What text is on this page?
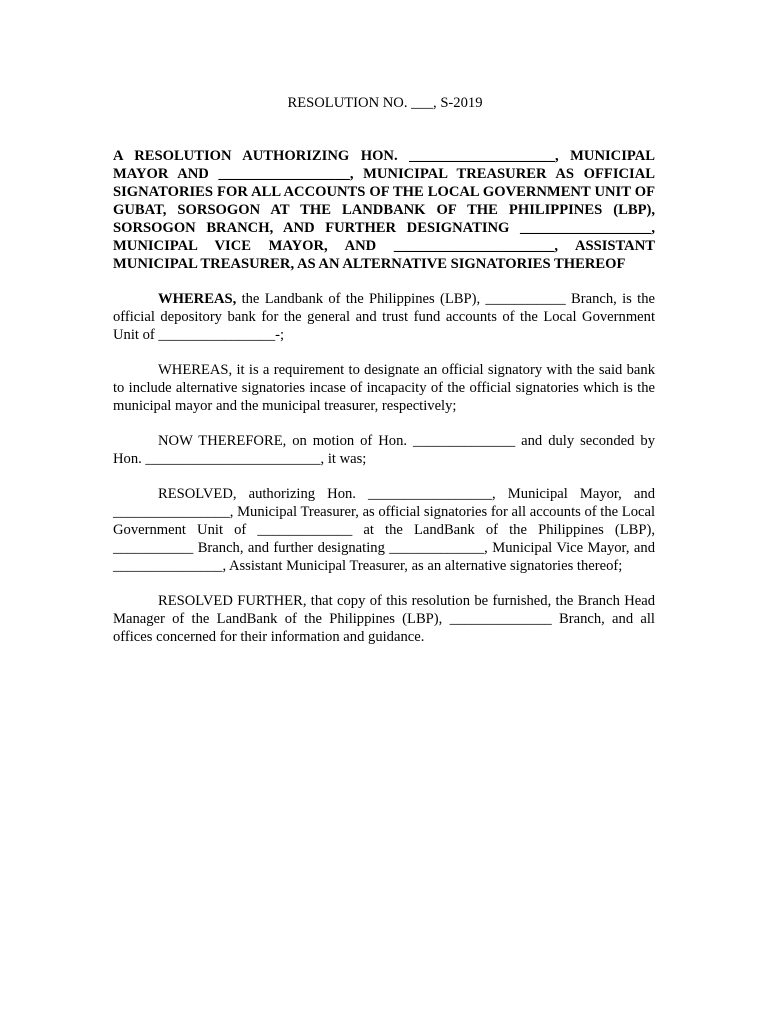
RESOLUTION NO. ___, S-2019

A RESOLUTION AUTHORIZING HON. ____________________, MUNICIPAL MAYOR AND __________________, MUNICIPAL TREASURER AS OFFICIAL SIGNATORIES FOR ALL ACCOUNTS OF THE LOCAL GOVERNMENT UNIT OF GUBAT, SORSOGON AT THE LANDBANK OF THE PHILIPPINES (LBP), SORSOGON BRANCH, AND FURTHER DESIGNATING __________________, MUNICIPAL VICE MAYOR, AND ______________________, ASSISTANT MUNICIPAL TREASURER, AS AN ALTERNATIVE SIGNATORIES THEREOF

WHEREAS, the Landbank of the Philippines (LBP), ___________ Branch, is the official depository bank for the general and trust fund accounts of the Local Government Unit of ________________-;

WHEREAS, it is a requirement to designate an official signatory with the said bank to include alternative signatories incase of incapacity of the official signatories which is the municipal mayor and the municipal treasurer, respectively;

NOW THEREFORE, on motion of Hon. ______________ and duly seconded by Hon. ________________________, it was;

RESOLVED, authorizing Hon. _________________, Municipal Mayor, and ________________, Municipal Treasurer, as official signatories for all accounts of the Local Government Unit of _____________ at the LandBank of the Philippines (LBP), ___________ Branch, and further designating _____________, Municipal Vice Mayor, and _______________, Assistant Municipal Treasurer, as an alternative signatories thereof;

RESOLVED FURTHER, that copy of this resolution be furnished, the Branch Head Manager of the LandBank of the Philippines (LBP), ______________ Branch, and all offices concerned for their information and guidance.
